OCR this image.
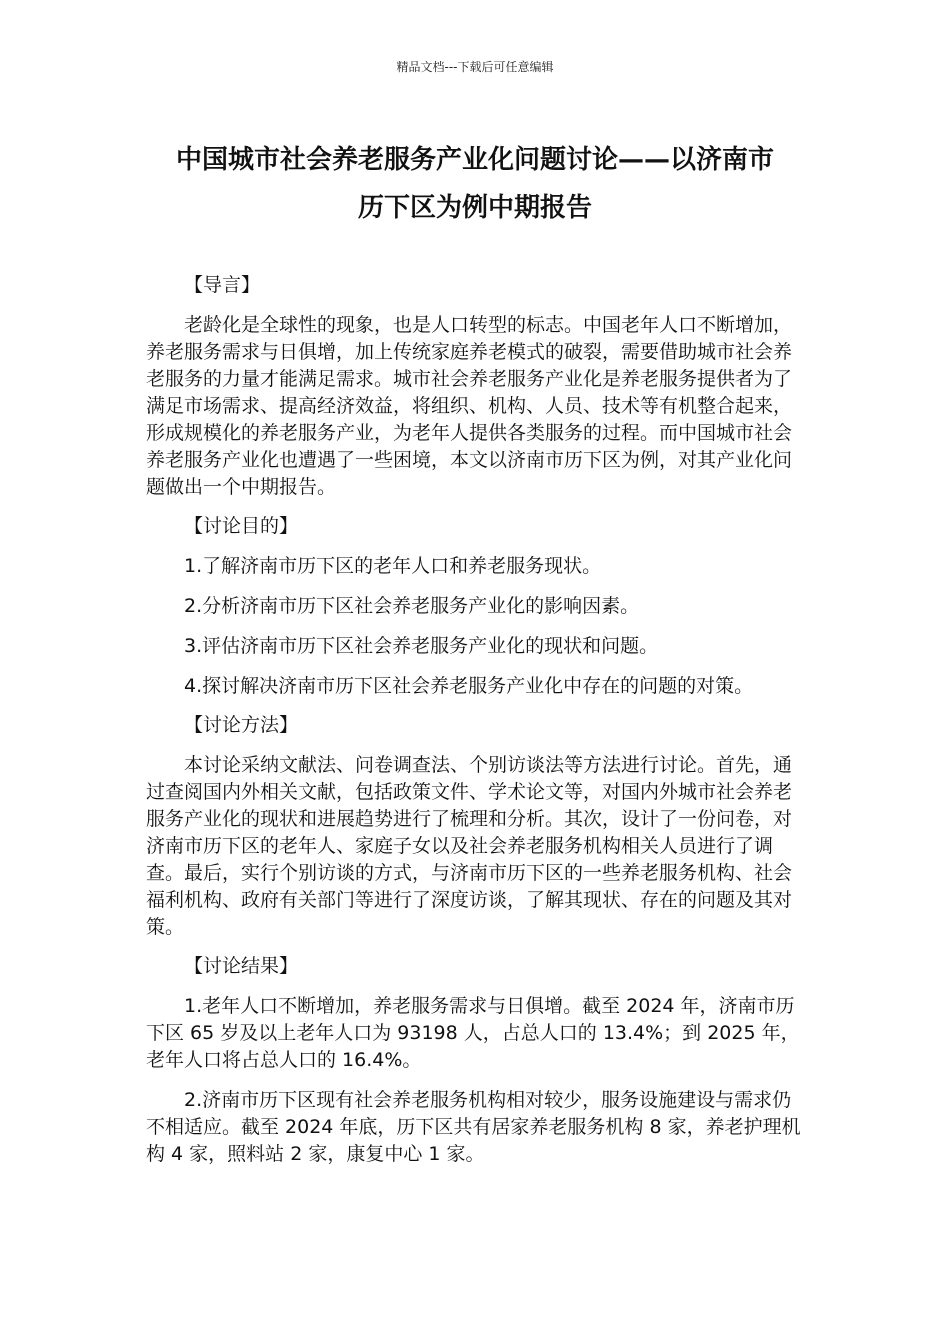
精品文档---下载后可任意编辑
中国城市社会养老服务产业化问题讨论——以济南市
历下区为例中期报告

【导言】

老龄化是全球性的现象，也是人口转型的标志。中国老年人口不断增加，养老服务需求与日俱增，加上传统家庭养老模式的破裂，需要借助城市社会养老服务的力量才能满足需求。城市社会养老服务产业化是养老服务提供者为了满足市场需求、提高经济效益，将组织、机构、人员、技术等有机整合起来，形成规模化的养老服务产业，为老年人提供各类服务的过程。而中国城市社会养老服务产业化也遭遇了一些困境，本文以济南市历下区为例，对其产业化问题做出一个中期报告。

【讨论目的】

1.了解济南市历下区的老年人口和养老服务现状。

2.分析济南市历下区社会养老服务产业化的影响因素。

3.评估济南市历下区社会养老服务产业化的现状和问题。

4.探讨解决济南市历下区社会养老服务产业化中存在的问题的对策。

【讨论方法】

本讨论采纳文献法、问卷调查法、个别访谈法等方法进行讨论。首先，通过查阅国内外相关文献，包括政策文件、学术论文等，对国内外城市社会养老服务产业化的现状和进展趋势进行了梳理和分析。其次，设计了一份问卷，对济南市历下区的老年人、家庭子女以及社会养老服务机构相关人员进行了调查。最后，实行个别访谈的方式，与济南市历下区的一些养老服务机构、社会福利机构、政府有关部门等进行了深度访谈，了解其现状、存在的问题及其对策。

【讨论结果】

1.老年人口不断增加，养老服务需求与日俱增。截至 2024 年，济南市历下区 65 岁及以上老年人口为 93198 人，占总人口的 13.4%；到 2025 年，老年人口将占总人口的 16.4%。

2.济南市历下区现有社会养老服务机构相对较少，服务设施建设与需求仍不相适应。截至 2024 年底，历下区共有居家养老服务机构 8 家，养老护理机构 4 家，照料站 2 家，康复中心 1 家。
